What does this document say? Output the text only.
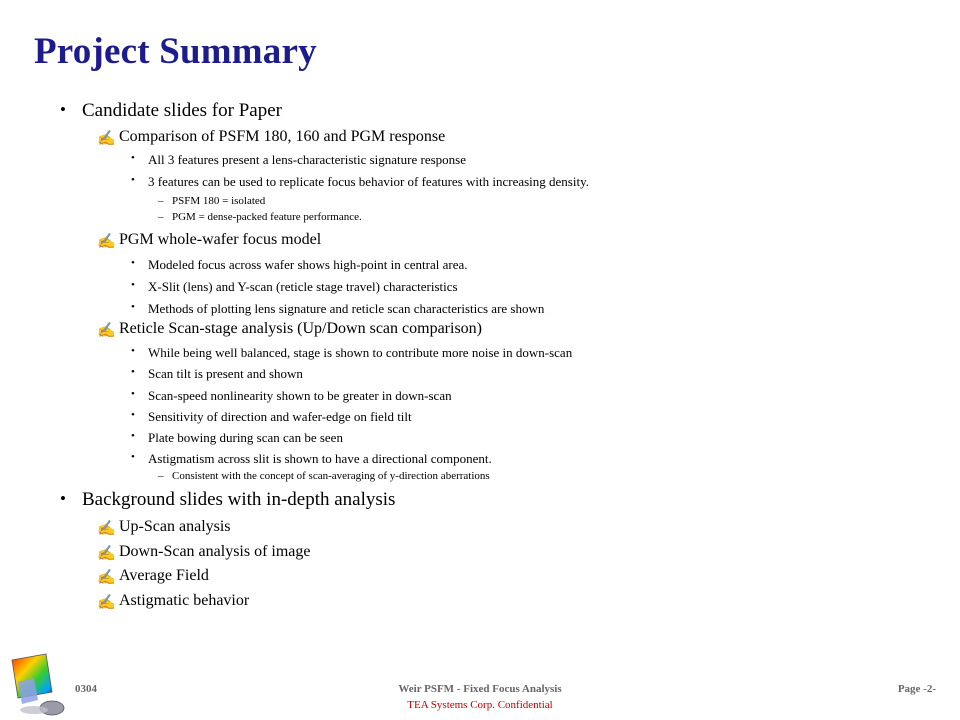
Project Summary
• Candidate slides for Paper
✍ Comparison of PSFM 180, 160 and PGM response
• All 3 features present a lens-characteristic signature response
• 3 features can be used to replicate focus behavior of features with increasing density.
– PSFM 180 = isolated
– PGM = dense-packed feature performance.
✍ PGM whole-wafer focus model
• Modeled focus across wafer shows high-point in central area.
• X-Slit (lens) and Y-scan (reticle stage travel) characteristics
• Methods of plotting lens signature and reticle scan characteristics are shown
✍ Reticle Scan-stage analysis (Up/Down scan comparison)
• While being well balanced, stage is shown to contribute more noise in down-scan
• Scan tilt is present and shown
• Scan-speed nonlinearity shown to be greater in down-scan
• Sensitivity of direction and wafer-edge on field tilt
• Plate bowing during scan can be seen
• Astigmatism across slit is shown to have a directional component.
– Consistent with the concept of scan-averaging of y-direction aberrations
• Background slides with in-depth analysis
✍ Up-Scan analysis
✍ Down-Scan analysis of image
✍ Average Field
✍ Astigmatic behavior
0304	Weir PSFM - Fixed Focus Analysis
TEA Systems Corp. Confidential
Page -2-
